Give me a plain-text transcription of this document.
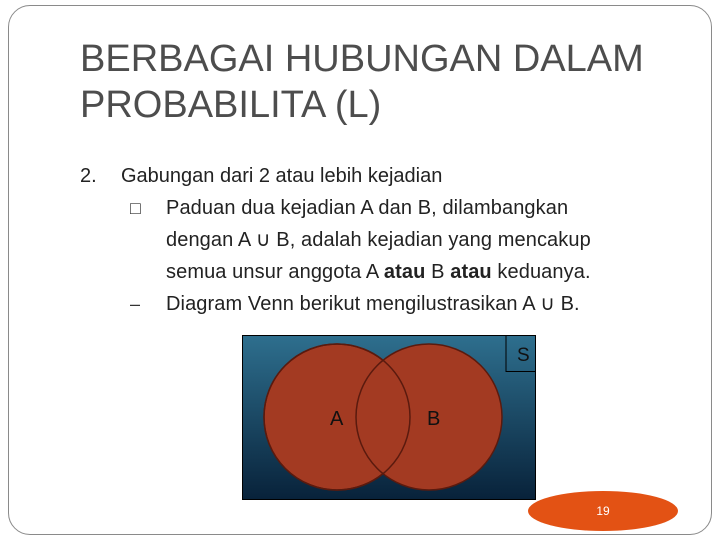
BERBAGAI HUBUNGAN DALAM
PROBABILITA (L)
2. Gabungan dari 2 atau lebih kejadian
□ Paduan dua kejadian A dan B, dilambangkan
dengan A ∪ B, adalah kejadian yang mencakup
semua unsur anggota A atau B atau keduanya.
– Diagram Venn berikut mengilustrasikan A ∪ B.
S
A	B
19
